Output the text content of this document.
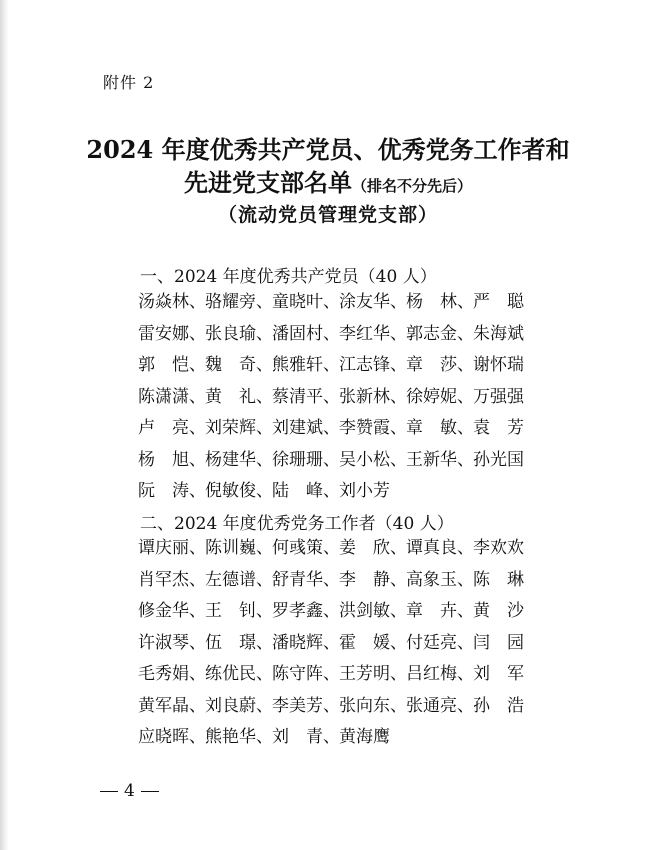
附件 2
2024 年度优秀共产党员、优秀党务工作者和
先进党支部名单（排名不分先后）
（流动党员管理党支部）
一、2024 年度优秀共产党员（40 人）
汤焱林、 骆耀旁、 童晓叶、 涂友华、 杨　林、 严　聪
雷安娜、 张良瑜、 潘固村、 李红华、 郭志金、 朱海斌
郭　恺、 魏　奇、 熊雅轩、 江志锋、 章　莎、 谢怀瑞
陈潇潇、 黄　礼、 蔡清平、 张新林、 徐婷妮、 万强强
卢　亮、 刘荣辉、 刘建斌、 李赞霞、 章　敏、 袁　芳
杨　旭、 杨建华、 徐珊珊、 吴小松、 王新华、 孙光国
阮　涛、 倪敏俊、 陆　峰、 刘小芳
二、2024 年度优秀党务工作者（40 人）
谭庆丽、 陈训巍、 何彧策、 姜　欣、 谭真良、 李欢欢
肖罕杰、 左德谱、 舒青华、 李　静、 高象玉、 陈　琳
修金华、 王　钊、 罗孝鑫、 洪剑敏、 章　卉、 黄　沙
许淑琴、 伍　璟、 潘晓辉、 霍　媛、 付廷亮、 闫　园
毛秀娟、 练优民、 陈守阵、 王芳明、 吕红梅、 刘　军
黄军晶、 刘良蔚、 李美芳、 张向东、 张通亮、 孙　浩
应晓晖、 熊艳华、 刘　青、 黄海鹰
4
